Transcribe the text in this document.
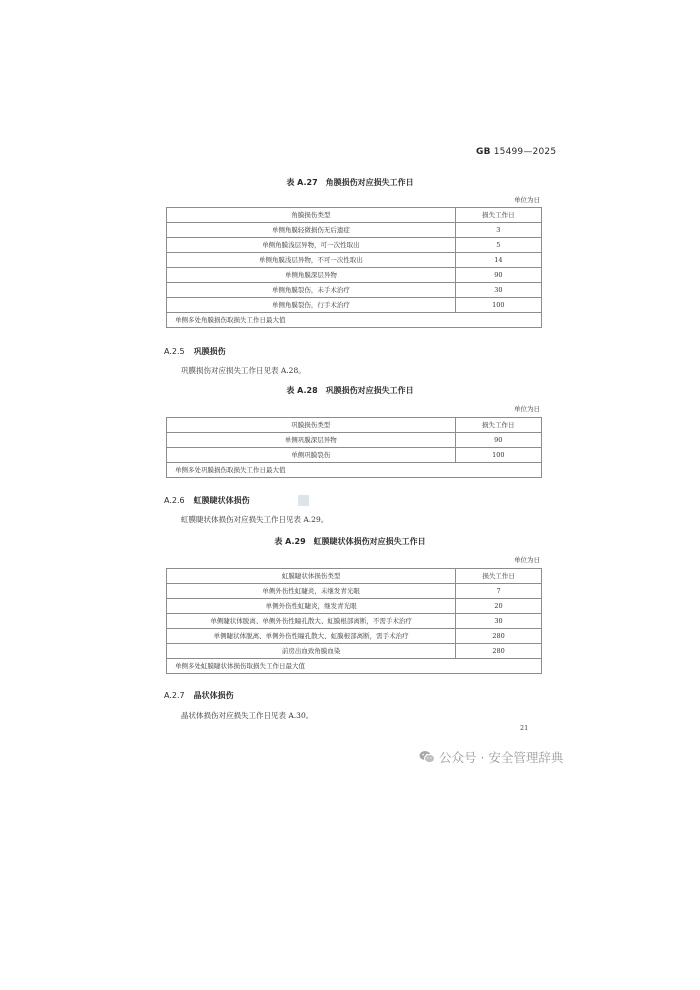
GB 15499—2025
表 A.27　角膜损伤对应损失工作日
单位为日
角膜损伤类型	损失工作日
单侧角膜轻微损伤无后遗症	3
单侧角膜浅层异物，可一次性取出	5
单侧角膜浅层异物，不可一次性取出	14
单侧角膜深层异物	90
单侧角膜裂伤，未手术治疗	30
单侧角膜裂伤，行手术治疗	100
单侧多处角膜损伤取损失工作日最大值	
A.2.5 巩膜损伤
巩膜损伤对应损失工作日见表 A.28。
表 A.28　巩膜损伤对应损失工作日
单位为日
巩膜损伤类型	损失工作日
单侧巩膜深层异物	90
单侧巩膜裂伤	100
单侧多处巩膜损伤取损失工作日最大值	
A.2.6 虹膜睫状体损伤
虹膜睫状体损伤对应损失工作日见表 A.29。
表 A.29　虹膜睫状体损伤对应损失工作日
单位为日
虹膜睫状体损伤类型	损失工作日
单侧外伤性虹睫炎，未继发青光眼	7
单侧外伤性虹睫炎，继发青光眼	20
单侧睫状体脱离、单侧外伤性瞳孔散大、虹膜根部离断，不需手术治疗	30
单侧睫状体脱离、单侧外伤性瞳孔散大、虹膜根部离断，需手术治疗	280
前房出血致角膜血染	280
单侧多处虹膜睫状体损伤取损失工作日最大值	
A.2.7 晶状体损伤
晶状体损伤对应损失工作日见表 A.30。
21
公众号 · 安全管理辞典
